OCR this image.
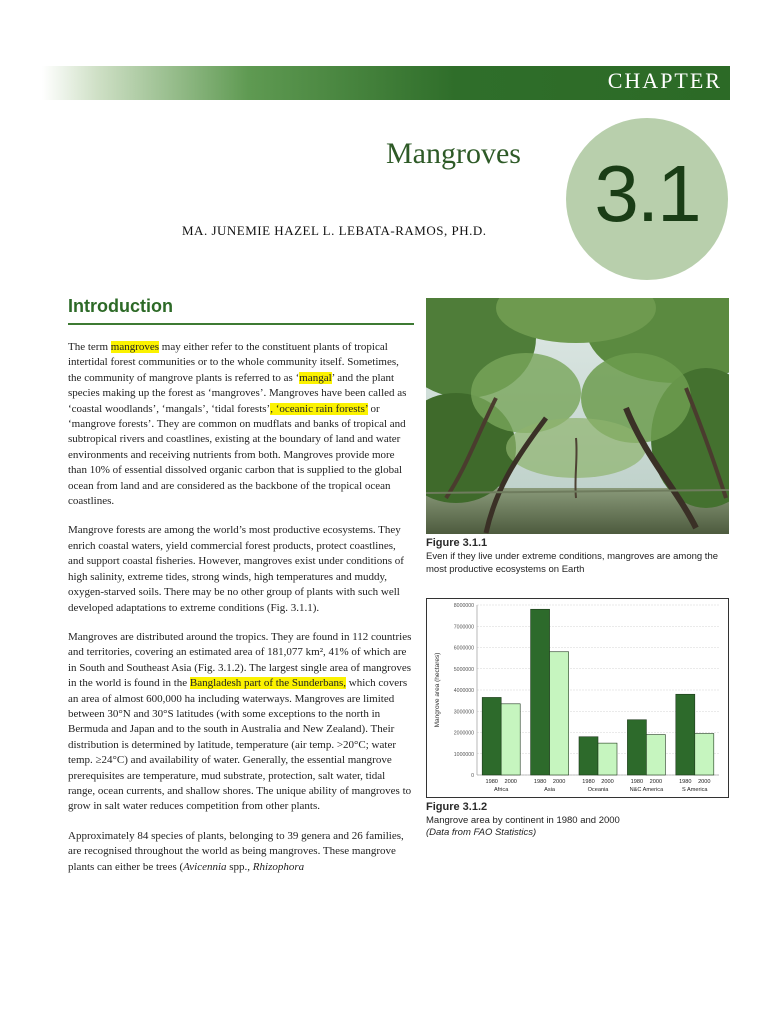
CHAPTER
3.1
Mangroves
MA. JUNEMIE HAZEL L. LEBATA-RAMOS, PH.D.
Introduction

The term mangroves may either refer to the constituent plants of tropical intertidal forest communities or to the whole community itself. Sometimes, the community of mangrove plants is referred to as ‘mangal’ and the plant species making up the forest as ‘mangroves’. Mangroves have been called as ‘coastal woodlands’, ‘mangals’, ‘tidal forests’, ‘oceanic rain forests’ or ‘mangrove forests’. They are common on mudflats and banks of tropical and subtropical rivers and coastlines, existing at the boundary of land and water environments and receiving nutrients from both. Mangroves provide more than 10% of essential dissolved organic carbon that is supplied to the global ocean from land and are considered as the backbone of the tropical ocean coastlines.

Mangrove forests are among the world’s most productive ecosystems. They enrich coastal waters, yield commercial forest products, protect coastlines, and support coastal fisheries. However, mangroves exist under conditions of high salinity, extreme tides, strong winds, high temperatures and muddy, oxygen-starved soils. There may be no other group of plants with such well developed adaptations to extreme conditions (Fig. 3.1.1).

Mangroves are distributed around the tropics. They are found in 112 countries and territories, covering an estimated area of 181,077 km², 41% of which are in South and Southeast Asia (Fig. 3.1.2). The largest single area of mangroves in the world is found in the Bangladesh part of the Sunderbans, which covers an area of almost 600,000 ha including waterways. Mangroves are limited between 30°N and 30°S latitudes (with some exceptions to the north in Bermuda and Japan and to the south in Australia and New Zealand). Their distribution is determined by latitude, temperature (air temp. >20°C; water temp. ≥24°C) and availability of water. Generally, the essential mangrove prerequisites are temperature, mud substrate, protection, salt water, tidal range, ocean currents, and shallow shores. The unique ability of mangroves to grow in salt water reduces competition from other plants.

Approximately 84 species of plants, belonging to 39 genera and 26 families, are recognised throughout the world as being mangroves. These mangrove plants can either be trees (Avicennia spp., Rhizophora

Figure 3.1.1
Even if they live under extreme conditions, mangroves are among the most productive ecosystems on Earth
0
1000000
2000000
3000000
4000000
5000000
6000000
7000000
8000000
Mangrove area (hectares)
1980 2000
Africa
1980 2000
Asia
1980 2000
Oceania
1980 2000
N&C America
1980 2000
S America
Figure 3.1.2
Mangrove area by continent in 1980 and 2000
(Data from FAO Statistics)
